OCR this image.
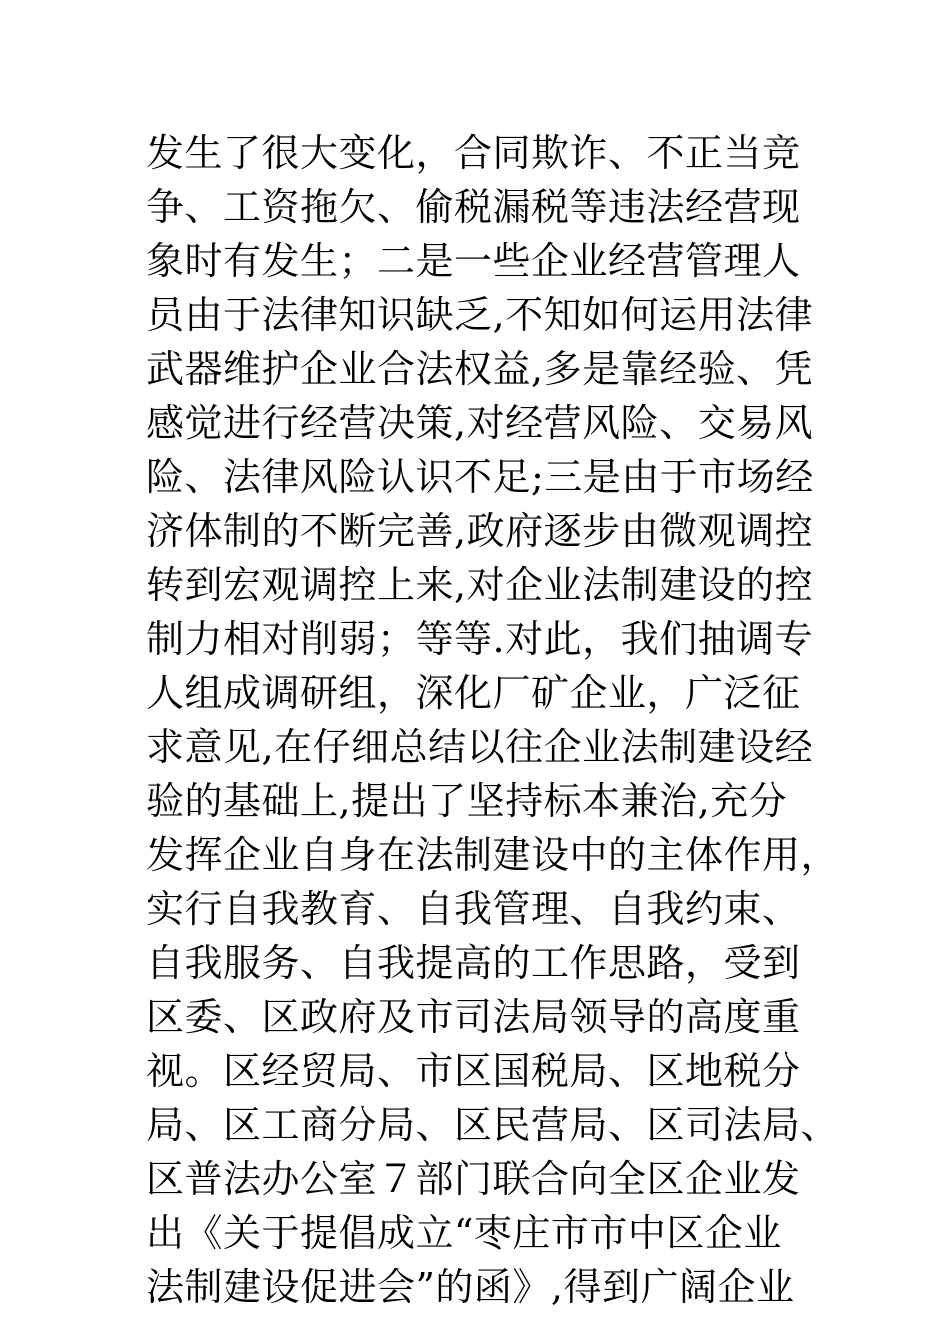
发生了很大变化，合同欺诈、不正当竞
争、工资拖欠、偷税漏税等违法经营现
象时有发生；二是一些企业经营管理人
员由于法律知识缺乏,不知如何运用法律
武器维护企业合法权益,多是靠经验、凭
感觉进行经营决策,对经营风险、交易风
险、法律风险认识不足;三是由于市场经
济体制的不断完善,政府逐步由微观调控
转到宏观调控上来,对企业法制建设的控
制力相对削弱；等等.对此，我们抽调专
人组成调研组，深化厂矿企业，广泛征
求意见,在仔细总结以往企业法制建设经
验的基础上,提出了坚持标本兼治,充分
发挥企业自身在法制建设中的主体作用，
实行自我教育、自我管理、自我约束、
自我服务、自我提高的工作思路，受到
区委、区政府及市司法局领导的高度重
视。区经贸局、市区国税局、区地税分
局、区工商分局、区民营局、区司法局、
区普法办公室７部门联合向全区企业发
出《关于提倡成立“枣庄市市中区企业
法制建设促进会”的函》,得到广阔企业
